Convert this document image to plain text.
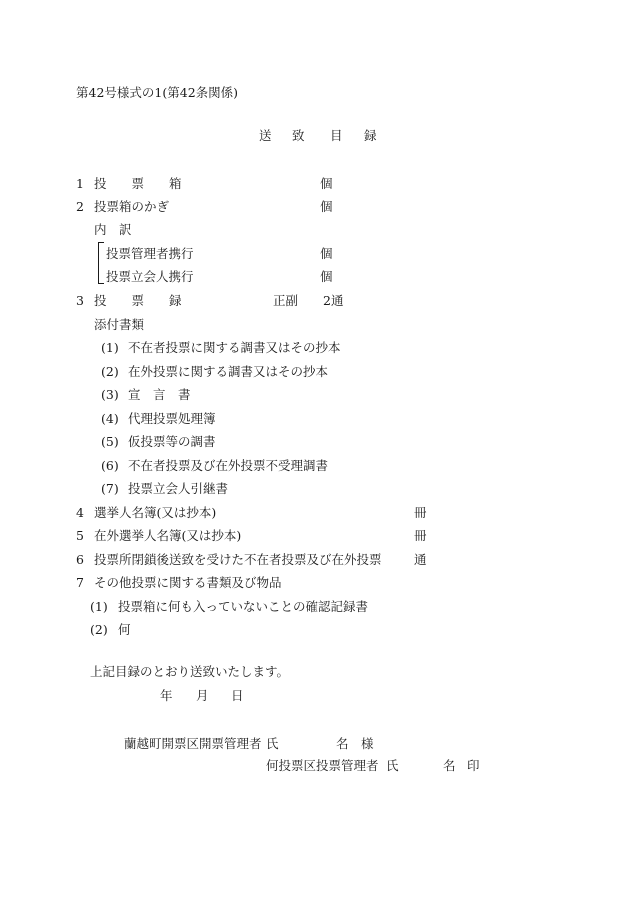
第42号様式の1(第42条関係)
送 致 目 録
1 投　　票　　箱	個
2 投票箱のかぎ	個
内　訳
投票管理者携行	個
投票立会人携行	個
3 投　　票　　録	正副　　2通
添付書類
(1) 不在者投票に関する調書又はその抄本
(2) 在外投票に関する調書又はその抄本
(3) 宣　言　書
(4) 代理投票処理簿
(5) 仮投票等の調書
(6) 不在者投票及び在外投票不受理調書
(7) 投票立会人引継書
4 選挙人名簿(又は抄本)	冊
5 在外選挙人名簿(又は抄本)	冊
6 投票所閉鎖後送致を受けた不在者投票及び在外投票	通
7 その他投票に関する書類及び物品
(1) 投票箱に何も入っていないことの確認記録書
(2) 何
上記目録のとおり送致いたします。
年 月 日
蘭越町開票区開票管理者 氏	名 様
何投票区投票管理者 氏	名 印
